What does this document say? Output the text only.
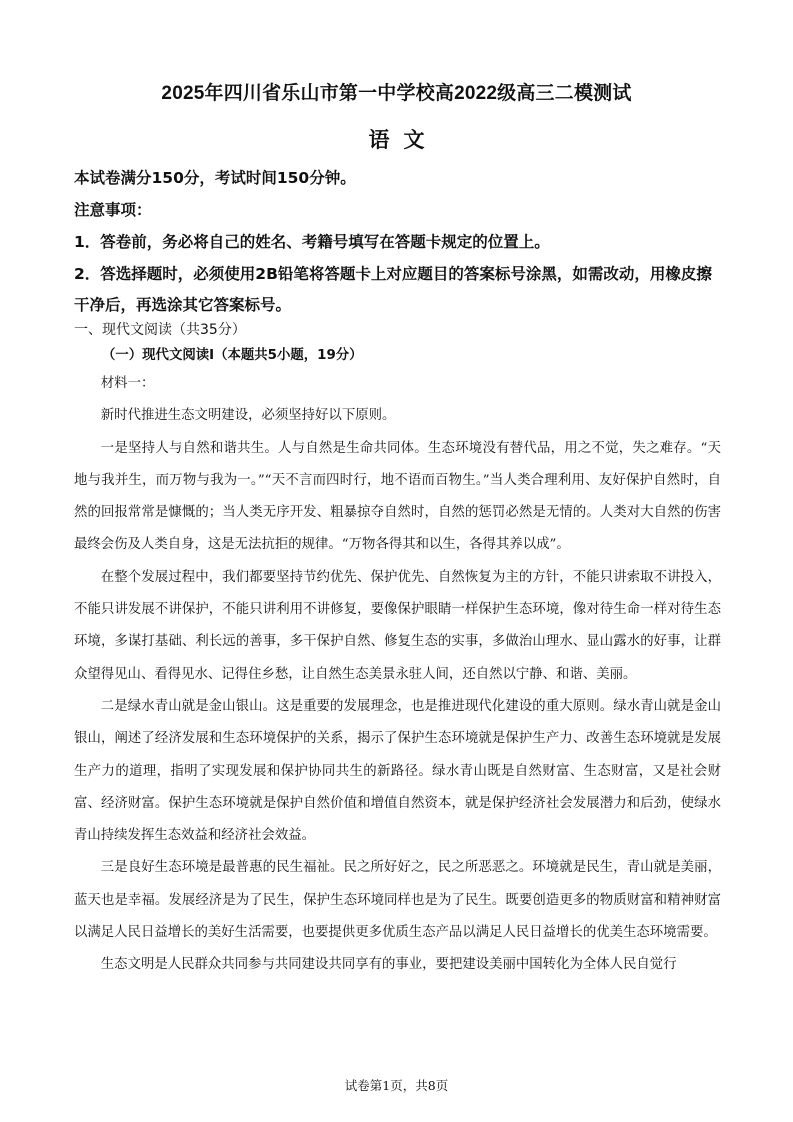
2025年四川省乐山市第一中学校高2022级高三二模测试
语文
本试卷满分150分，考试时间150分钟。
注意事项：
1．答卷前，务必将自己的姓名、考籍号填写在答题卡规定的位置上。
2．答选择题时，必须使用2B铅笔将答题卡上对应题目的答案标号涂黑，如需改动，用橡皮擦
干净后，再选涂其它答案标号。
一、现代文阅读（共35分）
（一）现代文阅读Ⅰ（本题共5小题，19分）

材料一：

新时代推进生态文明建设，必须坚持好以下原则。

一是坚持人与自然和谐共生。人与自然是生命共同体。生态环境没有替代品，用之不觉，失之难存。“天地与我并生，而万物与我为一。”“天不言而四时行，地不语而百物生。”当人类合理利用、友好保护自然时，自然的回报常常是慷慨的；当人类无序开发、粗暴掠夺自然时，自然的惩罚必然是无情的。人类对大自然的伤害最终会伤及人类自身，这是无法抗拒的规律。“万物各得其和以生，各得其养以成”。

在整个发展过程中，我们都要坚持节约优先、保护优先、自然恢复为主的方针，不能只讲索取不讲投入，不能只讲发展不讲保护，不能只讲利用不讲修复，要像保护眼睛一样保护生态环境，像对待生命一样对待生态环境，多谋打基础、利长远的善事，多干保护自然、修复生态的实事，多做治山理水、显山露水的好事，让群众望得见山、看得见水、记得住乡愁，让自然生态美景永驻人间，还自然以宁静、和谐、美丽。

二是绿水青山就是金山银山。这是重要的发展理念，也是推进现代化建设的重大原则。绿水青山就是金山银山，阐述了经济发展和生态环境保护的关系，揭示了保护生态环境就是保护生产力、改善生态环境就是发展生产力的道理，指明了实现发展和保护协同共生的新路径。绿水青山既是自然财富、生态财富，又是社会财富、经济财富。保护生态环境就是保护自然价值和增值自然资本，就是保护经济社会发展潜力和后劲，使绿水青山持续发挥生态效益和经济社会效益。

三是良好生态环境是最普惠的民生福祉。民之所好好之，民之所恶恶之。环境就是民生，青山就是美丽，蓝天也是幸福。发展经济是为了民生，保护生态环境同样也是为了民生。既要创造更多的物质财富和精神财富以满足人民日益增长的美好生活需要，也要提供更多优质生态产品以满足人民日益增长的优美生态环境需要。

生态文明是人民群众共同参与共同建设共同享有的事业，要把建设美丽中国转化为全体人民自觉行

试卷第1页，共8页
